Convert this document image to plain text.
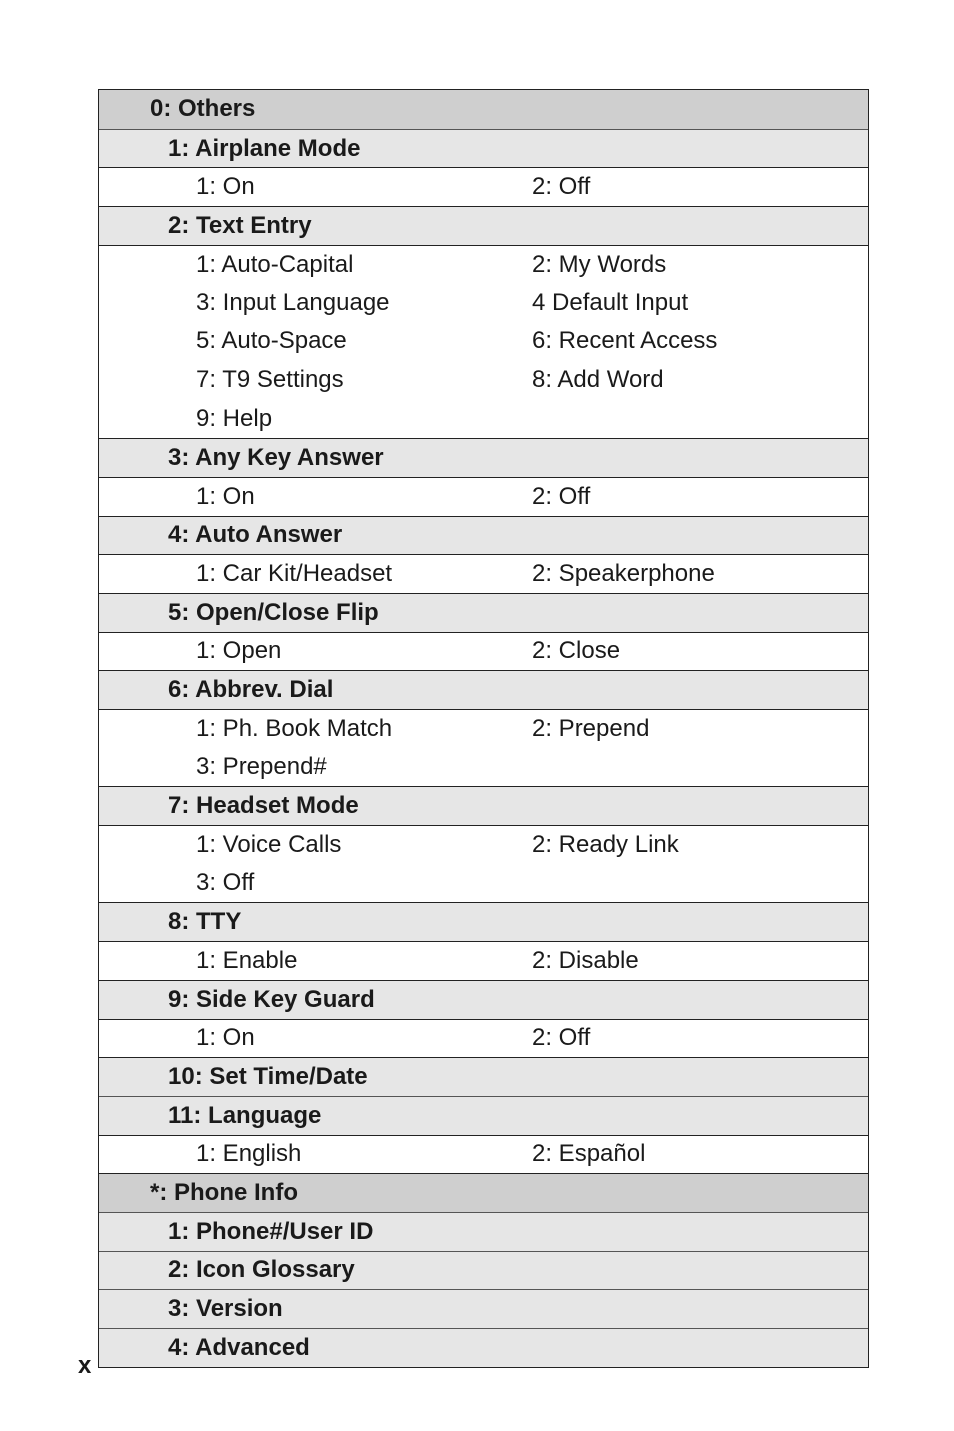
0: Others
1: Airplane Mode
1: On	2: Off
2: Text Entry
1: Auto-Capital	2: My Words
3: Input Language	4 Default Input
5: Auto-Space	6: Recent Access
7: T9 Settings	8: Add Word
9: Help
3: Any Key Answer
1: On	2: Off
4: Auto Answer
1: Car Kit/Headset	2: Speakerphone
5: Open/Close Flip
1: Open	2: Close
6: Abbrev. Dial
1: Ph. Book Match	2: Prepend
3: Prepend#
7: Headset Mode
1: Voice Calls	2: Ready Link
3: Off
8: TTY
1: Enable	2: Disable
9: Side Key Guard
1: On	2: Off
10: Set Time/Date
11: Language
1: English	2: Español
*: Phone Info
1: Phone#/User ID
2: Icon Glossary
3: Version
4: Advanced
x
